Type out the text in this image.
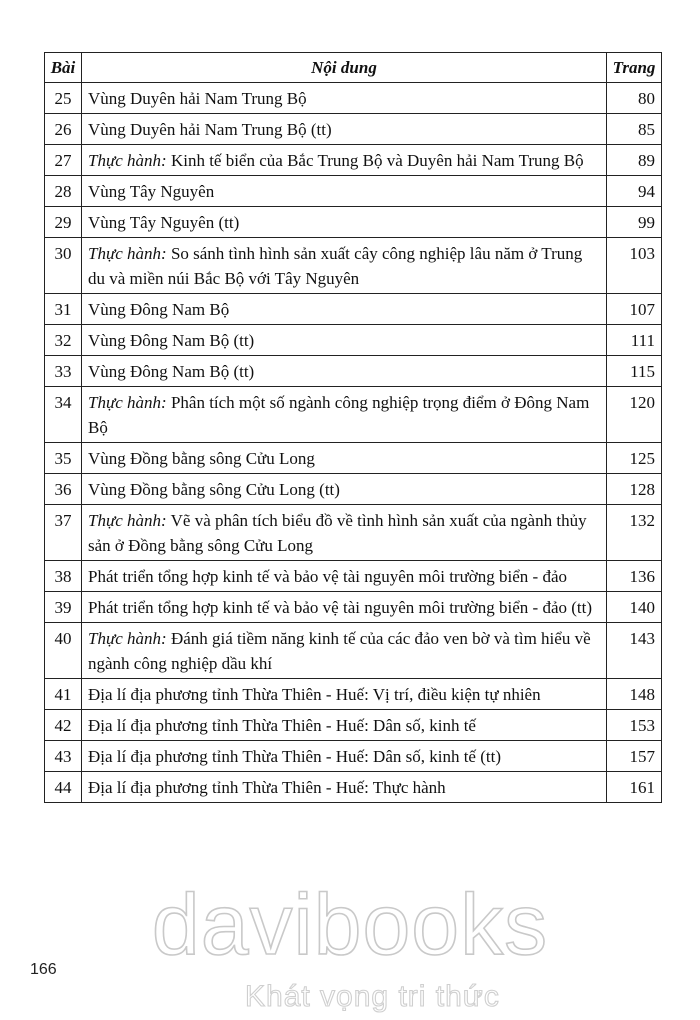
Bài	Nội dung	Trang
25	Vùng Duyên hải Nam Trung Bộ	80
26	Vùng Duyên hải Nam Trung Bộ (tt)	85
27	Thực hành: Kinh tế biển của Bắc Trung Bộ và Duyên hải Nam Trung Bộ	89
28	Vùng Tây Nguyên	94
29	Vùng Tây Nguyên (tt)	99
30	Thực hành: So sánh tình hình sản xuất cây công nghiệp lâu năm ở Trung du và miền núi Bắc Bộ với Tây Nguyên	103
31	Vùng Đông Nam Bộ	107
32	Vùng Đông Nam Bộ (tt)	111
33	Vùng Đông Nam Bộ (tt)	115
34	Thực hành: Phân tích một số ngành công nghiệp trọng điểm ở Đông Nam Bộ	120
35	Vùng Đồng bằng sông Cửu Long	125
36	Vùng Đồng bằng sông Cửu Long (tt)	128
37	Thực hành: Vẽ và phân tích biểu đồ về tình hình sản xuất của ngành thủy sản ở Đồng bằng sông Cửu Long	132
38	Phát triển tổng hợp kinh tế và bảo vệ tài nguyên môi trường biển - đảo	136
39	Phát triển tổng hợp kinh tế và bảo vệ tài nguyên môi trường biển - đảo (tt)	140
40	Thực hành: Đánh giá tiềm năng kinh tế của các đảo ven bờ và tìm hiểu về ngành công nghiệp dầu khí	143
41	Địa lí địa phương tỉnh Thừa Thiên - Huế: Vị trí, điều kiện tự nhiên	148
42	Địa lí địa phương tỉnh Thừa Thiên - Huế: Dân số, kinh tế	153
43	Địa lí địa phương tỉnh Thừa Thiên - Huế: Dân số, kinh tế (tt)	157
44	Địa lí địa phương tỉnh Thừa Thiên - Huế: Thực hành	161
166	davibooks
Khát vọng tri thức
